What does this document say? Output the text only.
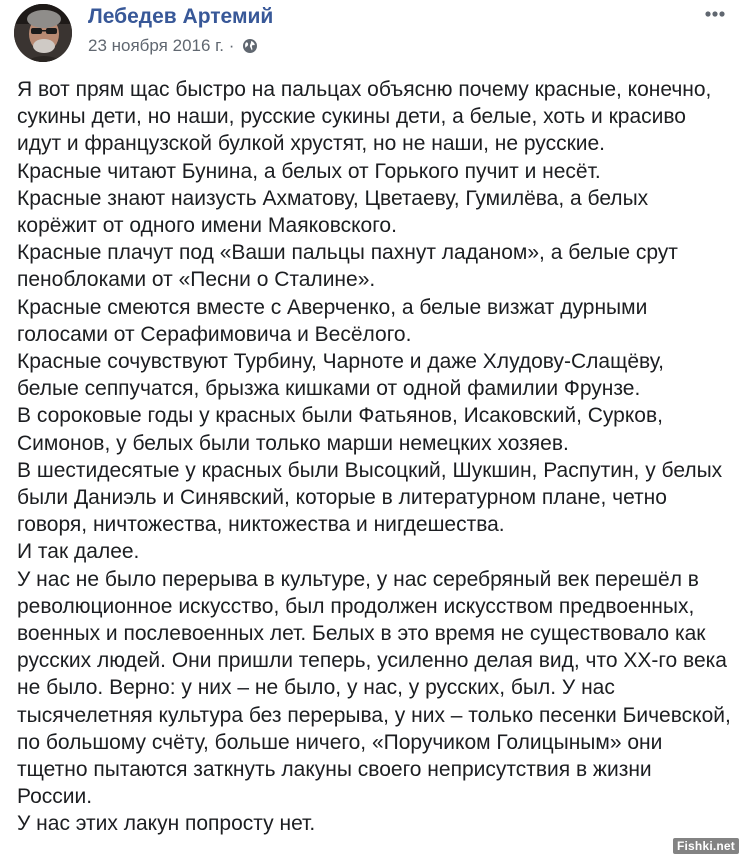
Лебедев Артемий
23 ноября 2016 г. ·

Я вот прям щас быстро на пальцах объясню почему красные, конечно,

сукины дети, но наши, русские сукины дети, а белые, хоть и красиво

идут и французской булкой хрустят, но не наши, не русские.

Красные читают Бунина, а белых от Горького пучит и несёт.

Красные знают наизусть Ахматову, Цветаеву, Гумилёва, а белых

корёжит от одного имени Маяковского.

Красные плачут под «Ваши пальцы пахнут ладаном», а белые срут

пеноблоками от «Песни о Сталине».

Красные смеются вместе с Аверченко, а белые визжат дурными

голосами от Серафимовича и Весёлого.

Красные сочувствуют Турбину, Чарноте и даже Хлудову-Слащёву,

белые сеппучатся, брызжа кишками от одной фамилии Фрунзе.

В сороковые годы у красных были Фатьянов, Исаковский, Сурков,

Симонов, у белых были только марши немецких хозяев.

В шестидесятые у красных были Высоцкий, Шукшин, Распутин, у белых

были Даниэль и Синявский, которые в литературном плане, четно

говоря, ничтожества, никтожества и нигдешества.

И так далее.

У нас не было перерыва в культуре, у нас серебряный век перешёл в

революционное искусство, был продолжен искусством предвоенных,

военных и послевоенных лет. Белых в это время не существовало как

русских людей. Они пришли теперь, усиленно делая вид, что XX-го века

не было. Верно: у них – не было, у нас, у русских, был. У нас

тысячелетняя культура без перерыва, у них – только песенки Бичевской,

по большому счёту, больше ничего, «Поручиком Голицыным» они

тщетно пытаются заткнуть лакуны своего неприсутствия в жизни

России.

У нас этих лакун попросту нет.

Fishki.net
